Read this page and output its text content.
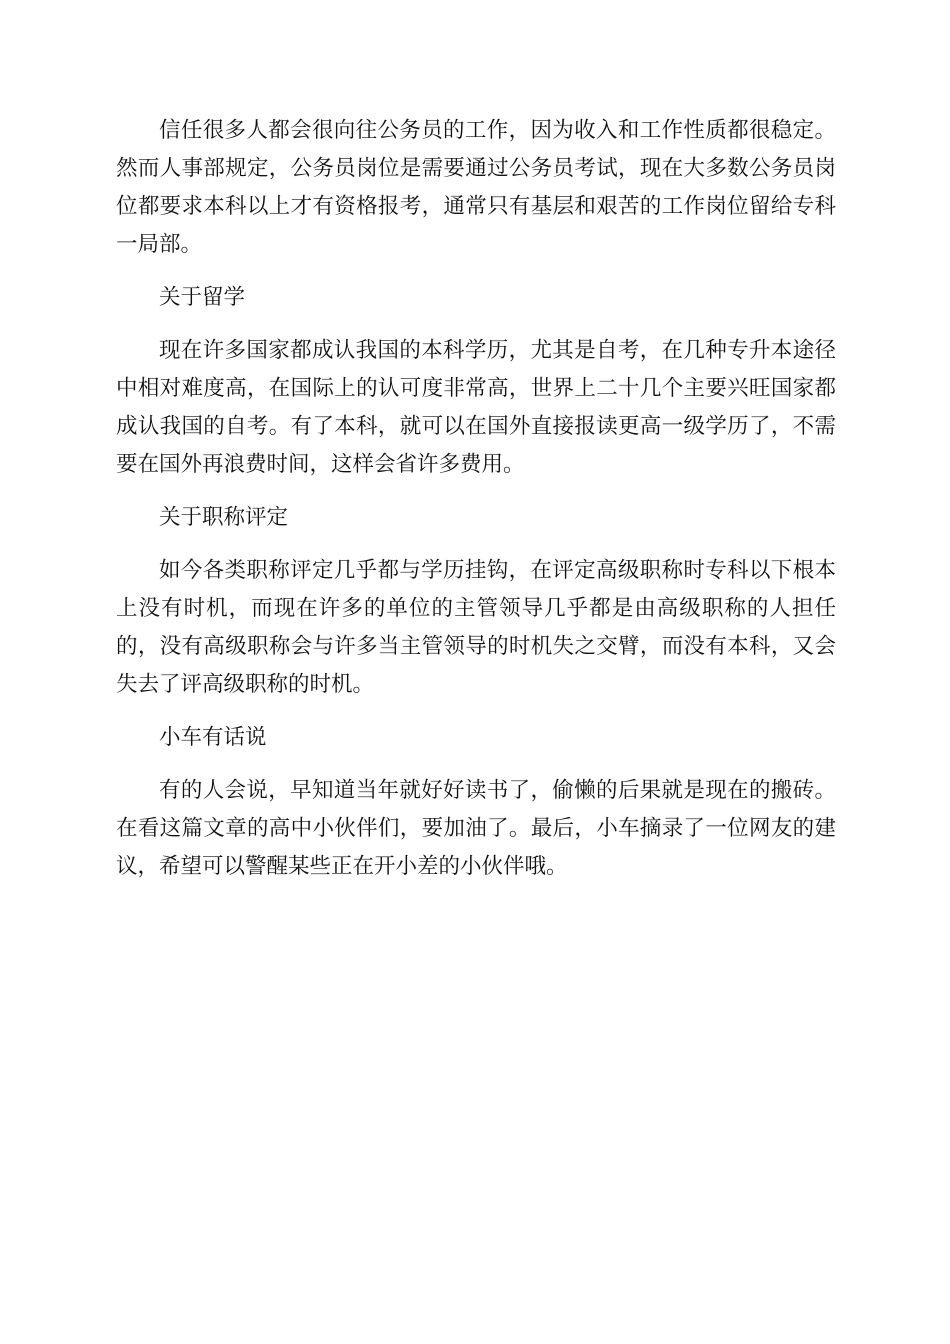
信任很多人都会很向往公务员的工作，因为收入和工作性质都很稳定。然而人事部规定，公务员岗位是需要通过公务员考试，现在大多数公务员岗位都要求本科以上才有资格报考，通常只有基层和艰苦的工作岗位留给专科一局部。

关于留学

现在许多国家都成认我国的本科学历，尤其是自考，在几种专升本途径中相对难度高，在国际上的认可度非常高，世界上二十几个主要兴旺国家都成认我国的自考。有了本科，就可以在国外直接报读更高一级学历了，不需要在国外再浪费时间，这样会省许多费用。

关于职称评定

如今各类职称评定几乎都与学历挂钩，在评定高级职称时专科以下根本上没有时机，而现在许多的单位的主管领导几乎都是由高级职称的人担任的，没有高级职称会与许多当主管领导的时机失之交臂，而没有本科，又会失去了评高级职称的时机。

小车有话说

有的人会说，早知道当年就好好读书了，偷懒的后果就是现在的搬砖。在看这篇文章的高中小伙伴们，要加油了。最后，小车摘录了一位网友的建议，希望可以警醒某些正在开小差的小伙伴哦。
